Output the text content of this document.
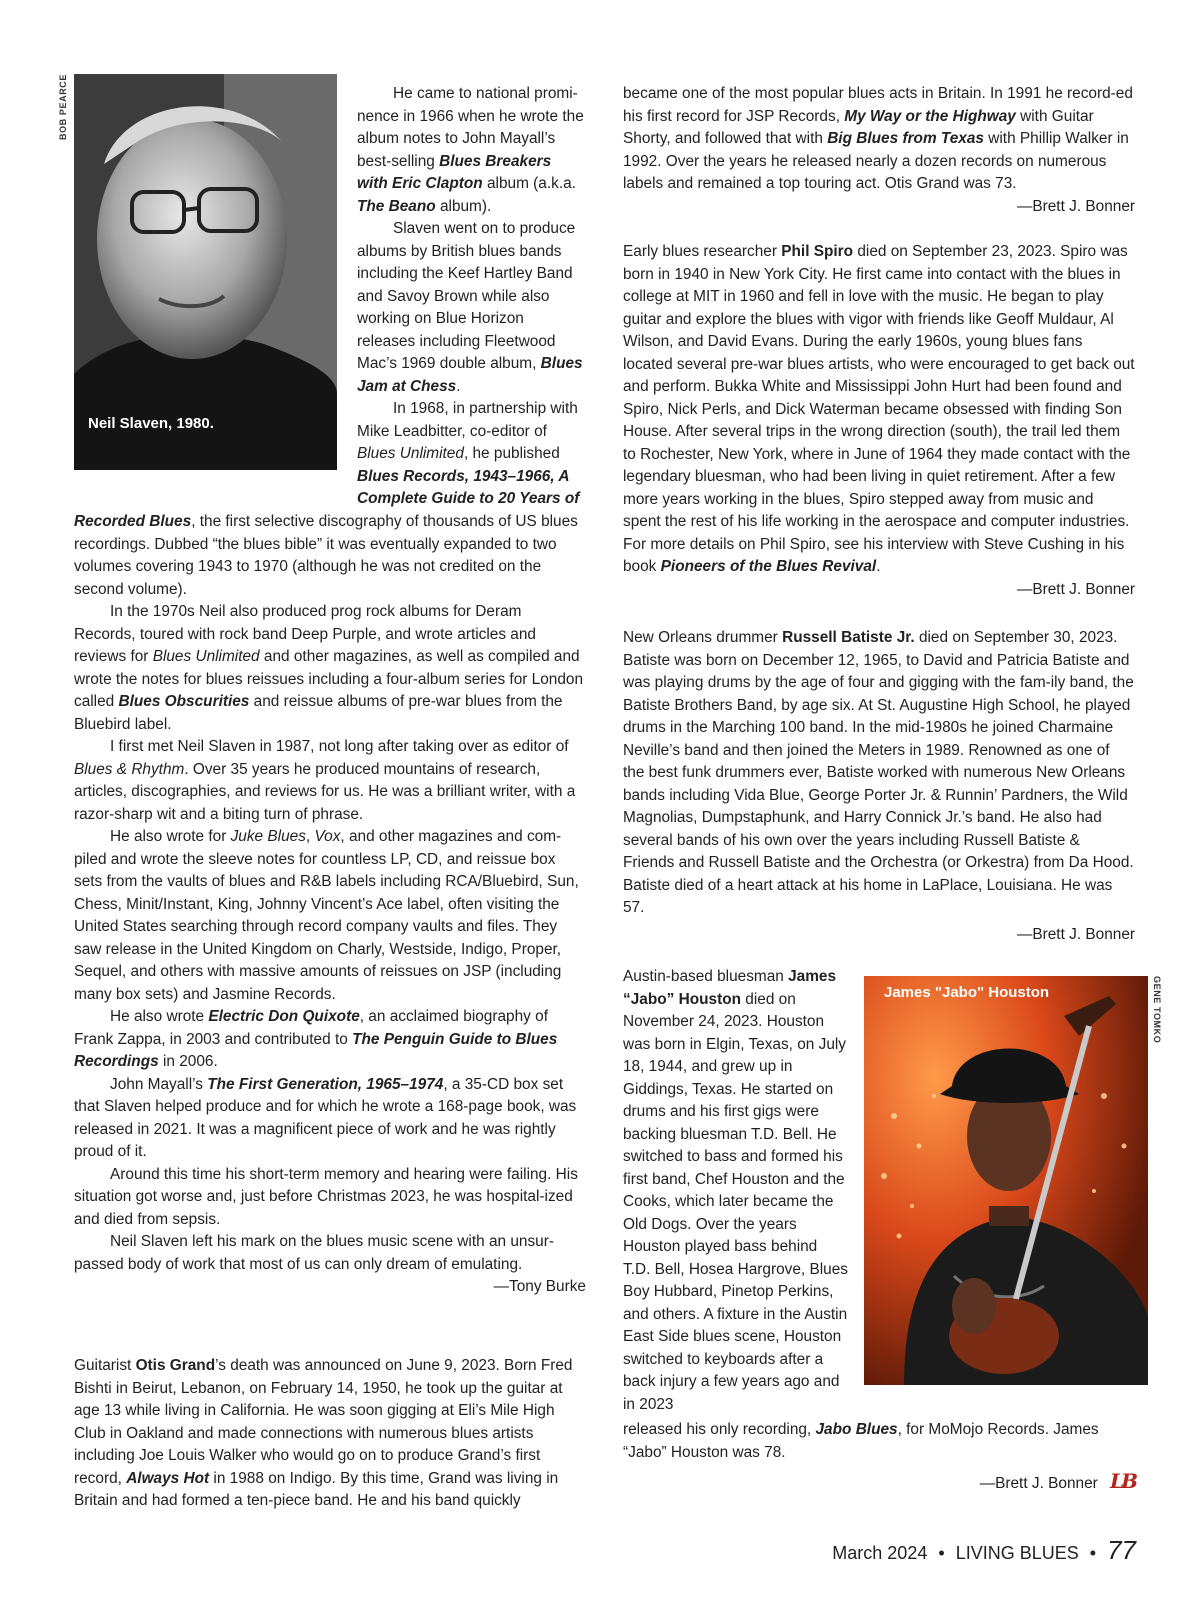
BOB PEARCE
Neil Slaven, 1980.

He came to national promi-nence in 1966 when he wrote the album notes to John Mayall’s best-selling Blues Breakers with Eric Clapton album (a.k.a. The Beano album).

Slaven went on to produce albums by British blues bands including the Keef Hartley Band and Savoy Brown while also working on Blue Horizon releases including Fleetwood Mac’s 1969 double album, Blues Jam at Chess.

In 1968, in partnership with Mike Leadbitter, co-editor of Blues Unlimited, he published Blues Records, 1943–1966, A Complete Guide to 20 Years of

Recorded Blues, the first selective discography of thousands of US blues recordings. Dubbed “the blues bible” it was eventually expanded to two volumes covering 1943 to 1970 (although he was not credited on the second volume).

In the 1970s Neil also produced prog rock albums for Deram Records, toured with rock band Deep Purple, and wrote articles and reviews for Blues Unlimited and other magazines, as well as compiled and wrote the notes for blues reissues including a four-album series for London called Blues Obscurities and reissue albums of pre-war blues from the Bluebird label.

I first met Neil Slaven in 1987, not long after taking over as editor of Blues & Rhythm. Over 35 years he produced mountains of research, articles, discographies, and reviews for us. He was a brilliant writer, with a razor-sharp wit and a biting turn of phrase.

He also wrote for Juke Blues, Vox, and other magazines and com-piled and wrote the sleeve notes for countless LP, CD, and reissue box sets from the vaults of blues and R&B labels including RCA/Bluebird, Sun, Chess, Minit/Instant, King, Johnny Vincent’s Ace label, often visiting the United States searching through record company vaults and files. They saw release in the United Kingdom on Charly, Westside, Indigo, Proper, Sequel, and others with massive amounts of reissues on JSP (including many box sets) and Jasmine Records.

He also wrote Electric Don Quixote, an acclaimed biography of Frank Zappa, in 2003 and contributed to The Penguin Guide to Blues Recordings in 2006.

John Mayall’s The First Generation, 1965–1974, a 35-CD box set that Slaven helped produce and for which he wrote a 168-page book, was released in 2021. It was a magnificent piece of work and he was rightly proud of it.

Around this time his short-term memory and hearing were failing. His situation got worse and, just before Christmas 2023, he was hospital-ized and died from sepsis.

Neil Slaven left his mark on the blues music scene with an unsur-passed body of work that most of us can only dream of emulating.

—Tony Burke

Guitarist Otis Grand’s death was announced on June 9, 2023. Born Fred Bishti in Beirut, Lebanon, on February 14, 1950, he took up the guitar at age 13 while living in California. He was soon gigging at Eli’s Mile High Club in Oakland and made connections with numerous blues artists including Joe Louis Walker who would go on to produce Grand’s first record, Always Hot in 1988 on Indigo. By this time, Grand was living in Britain and had formed a ten-piece band. He and his band quickly

became one of the most popular blues acts in Britain. In 1991 he record-ed his first record for JSP Records, My Way or the Highway with Guitar Shorty, and followed that with Big Blues from Texas with Phillip Walker in 1992. Over the years he released nearly a dozen records on numerous labels and remained a top touring act. Otis Grand was 73.

—Brett J. Bonner

Early blues researcher Phil Spiro died on September 23, 2023. Spiro was born in 1940 in New York City. He first came into contact with the blues in college at MIT in 1960 and fell in love with the music. He began to play guitar and explore the blues with vigor with friends like Geoff Muldaur, Al Wilson, and David Evans. During the early 1960s, young blues fans located several pre-war blues artists, who were encouraged to get back out and perform. Bukka White and Mississippi John Hurt had been found and Spiro, Nick Perls, and Dick Waterman became obsessed with finding Son House. After several trips in the wrong direction (south), the trail led them to Rochester, New York, where in June of 1964 they made contact with the legendary bluesman, who had been living in quiet retirement. After a few more years working in the blues, Spiro stepped away from music and spent the rest of his life working in the aerospace and computer industries. For more details on Phil Spiro, see his interview with Steve Cushing in his book Pioneers of the Blues Revival.

—Brett J. Bonner

New Orleans drummer Russell Batiste Jr. died on September 30, 2023. Batiste was born on December 12, 1965, to David and Patricia Batiste and was playing drums by the age of four and gigging with the fam-ily band, the Batiste Brothers Band, by age six. At St. Augustine High School, he played drums in the Marching 100 band. In the mid-1980s he joined Charmaine Neville’s band and then joined the Meters in 1989. Renowned as one of the best funk drummers ever, Batiste worked with numerous New Orleans bands including Vida Blue, George Porter Jr. & Runnin’ Pardners, the Wild Magnolias, Dumpstaphunk, and Harry Connick Jr.’s band. He also had several bands of his own over the years including Russell Batiste & Friends and Russell Batiste and the Orchestra (or Orkestra) from Da Hood. Batiste died of a heart attack at his home in LaPlace, Louisiana. He was 57.

—Brett J. Bonner

James "Jabo" Houston	GENE TOMKO

Austin-based bluesman James “Jabo” Houston died on November 24, 2023. Houston was born in Elgin, Texas, on July 18, 1944, and grew up in Giddings, Texas. He started on drums and his first gigs were backing bluesman T.D. Bell. He switched to bass and formed his first band, Chef Houston and the Cooks, which later became the Old Dogs. Over the years Houston played bass behind T.D. Bell, Hosea Hargrove, Blues Boy Hubbard, Pinetop Perkins, and others. A fixture in the Austin East Side blues scene, Houston switched to keyboards after a back injury a few years ago and in 2023

released his only recording, Jabo Blues, for MoMojo Records. James “Jabo” Houston was 78.

—Brett J. Bonner LB

March 2024 • LIVING BLUES • 77
